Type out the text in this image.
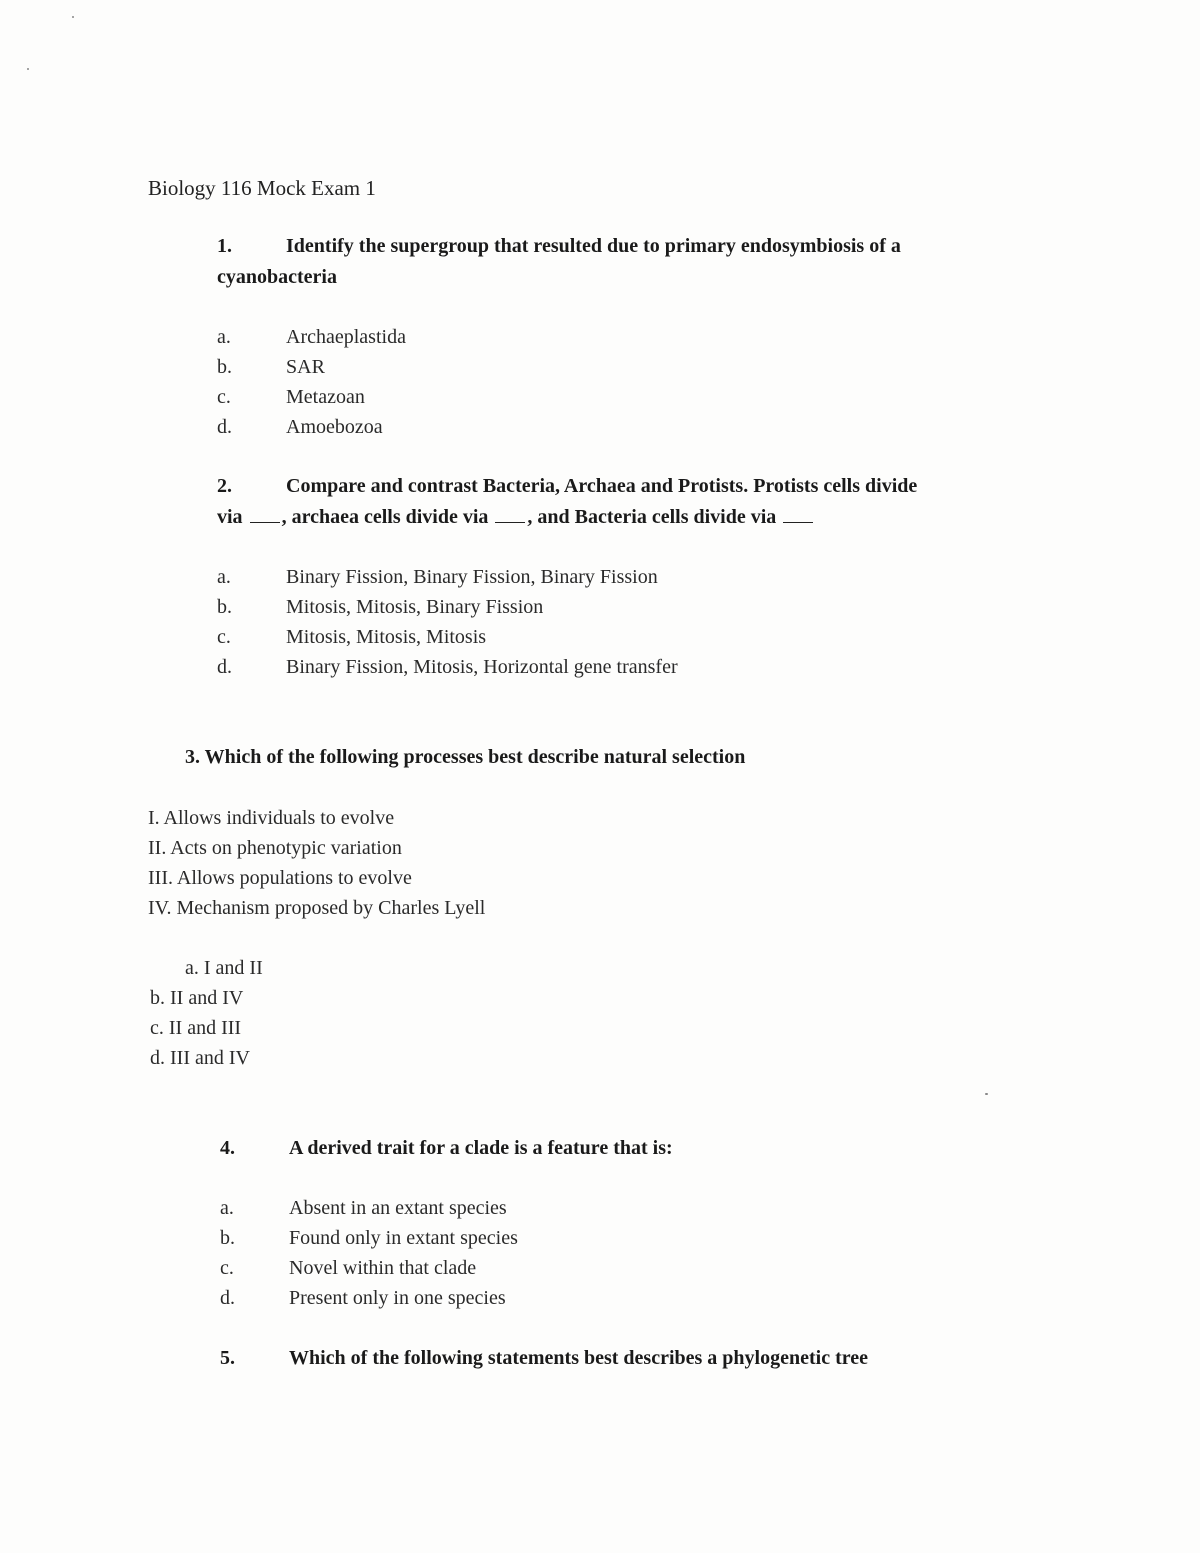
Biology 116 Mock Exam 1
1.	Identify the supergroup that resulted due to primary endosymbiosis of a
cyanobacteria
a.	Archaeplastida
b.	SAR
c.	Metazoan
d.	Amoebozoa
2.	Compare and contrast Bacteria, Archaea and Protists. Protists cells divide
via , archaea cells divide via , and Bacteria cells divide via
a.	Binary Fission, Binary Fission, Binary Fission
b.	Mitosis, Mitosis, Binary Fission
c.	Mitosis, Mitosis, Mitosis
d.	Binary Fission, Mitosis, Horizontal gene transfer
3. Which of the following processes best describe natural selection
I. Allows individuals to evolve
II. Acts on phenotypic variation
III. Allows populations to evolve
IV. Mechanism proposed by Charles Lyell
a. I and II
b. II and IV
c. II and III
d. III and IV
4.	A derived trait for a clade is a feature that is:
a.	Absent in an extant species
b.	Found only in extant species
c.	Novel within that clade
d.	Present only in one species
5.	Which of the following statements best describes a phylogenetic tree
